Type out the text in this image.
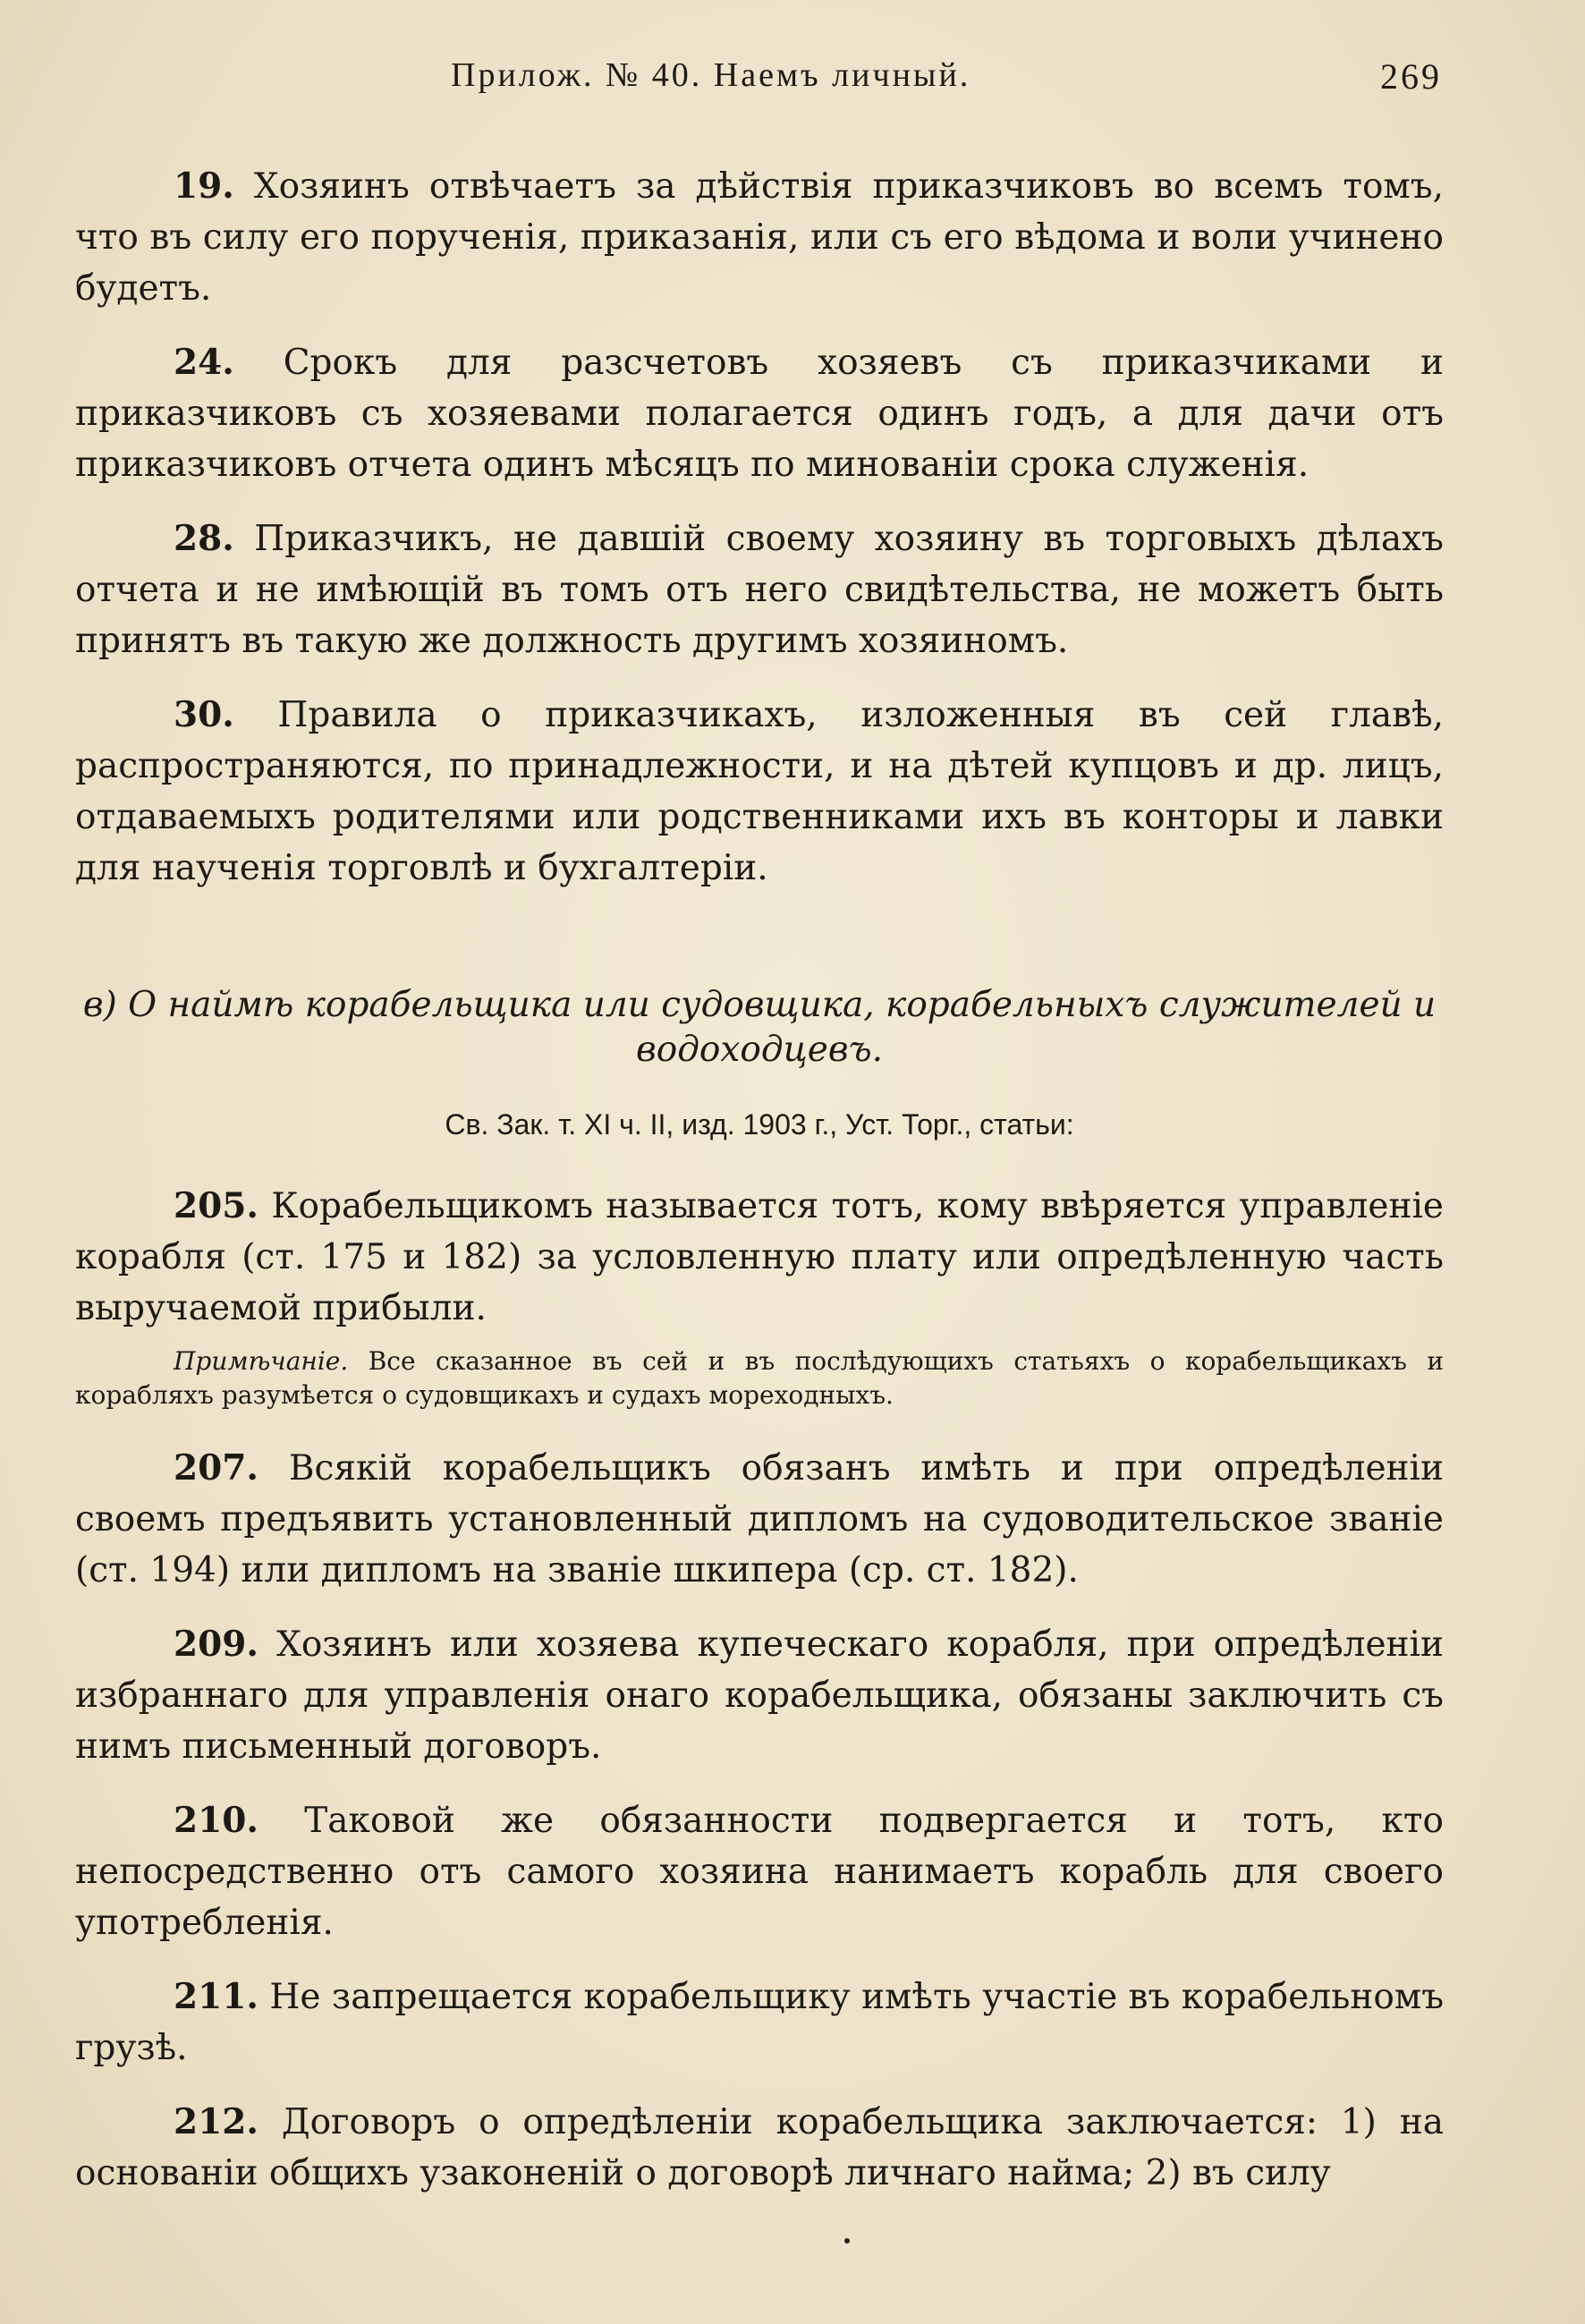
Прилож. № 40. Наемъ личный.	269

19. Хозяинъ отвѣчаетъ за дѣйствія приказчиковъ во всемъ томъ, что въ силу его порученія, приказанія, или съ его вѣдома и воли учинено будетъ.

24. Срокъ для разсчетовъ хозяевъ съ приказчиками и приказчиковъ съ хозяевами полагается одинъ годъ, а для дачи отъ приказчиковъ отчета одинъ мѣсяцъ по минованіи срока служенія.

28. Приказчикъ, не давшій своему хозяину въ торговыхъ дѣлахъ отчета и не имѣющій въ томъ отъ него свидѣтельства, не можетъ быть принятъ въ такую же должность другимъ хозяиномъ.

30. Правила о приказчикахъ, изложенныя въ сей главѣ, распространяются, по принадлежности, и на дѣтей купцовъ и др. лицъ, отдаваемыхъ родителями или родственниками ихъ въ конторы и лавки для наученія торговлѣ и бухгалтеріи.

в) О наймѣ корабельщика или судовщика, корабельныхъ служителей и водоходцевъ.
Св. Зак. т. XI ч. II, изд. 1903 г., Уст. Торг., статьи:

205. Корабельщикомъ называется тотъ, кому ввѣряется управленіе корабля (ст. 175 и 182) за условленную плату или опредѣленную часть выручаемой прибыли.

Примѣчаніе. Все сказанное въ сей и въ послѣдующихъ статьяхъ о корабельщикахъ и корабляхъ разумѣется о судовщикахъ и судахъ мореходныхъ.

207. Всякій корабельщикъ обязанъ имѣть и при опредѣленіи своемъ предъявить установленный дипломъ на судоводительское званіе (ст. 194) или дипломъ на званіе шкипера (ср. ст. 182).

209. Хозяинъ или хозяева купеческаго корабля, при опредѣленіи избраннаго для управленія онаго корабельщика, обязаны заключить съ нимъ письменный договоръ.

210. Таковой же обязанности подвергается и тотъ, кто непосредственно отъ самого хозяина нанимаетъ корабль для своего употребленія.

211. Не запрещается корабельщику имѣть участіе въ корабельномъ грузѣ.

212. Договоръ о опредѣленіи корабельщика заключается: 1) на основаніи общихъ узаконеній о договорѣ личнаго найма; 2) въ силу
